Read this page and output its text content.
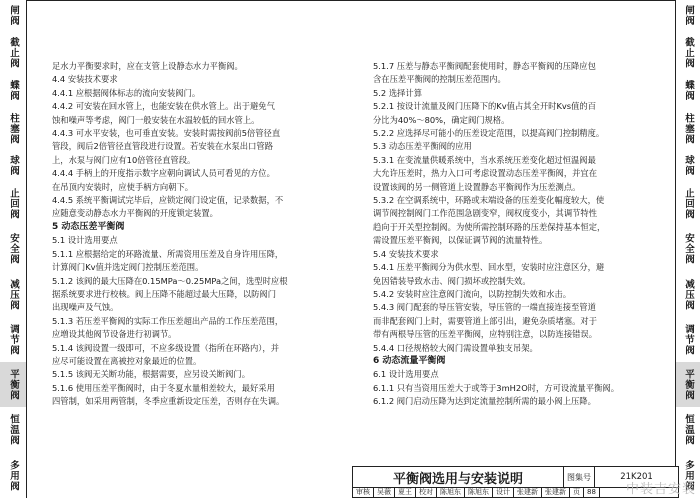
闸阀
截止阀
蝶阀
柱塞阀
球阀
止回阀
安全阀
减压阀
调节阀
平衡阀
恒温阀
多用阀
闸阀
截止阀
蝶阀
柱塞阀
球阀
止回阀
安全阀
减压阀
调节阀
平衡阀
恒温阀
多用阀
足水力平衡要求时，应在支管上设静态水力平衡阀。
4.4 安装技术要求
4.4.1 应根据阀体标志的流向安装阀门。
4.4.2 可安装在回水管上，也能安装在供水管上。出于避免气
蚀和噪声等考虑，阀门一般安装在水温较低的回水管上。
4.4.3 可水平安装，也可垂直安装。安装时需按阀前5倍管径直
管段，阀后2倍管径直管段进行设置。若安装在水泵出口管路
上，水泵与阀门应有10倍管径直管段。
4.4.4 手柄上的开度指示数字应朝向调试人员可看见的方位。
在吊顶内安装时，应使手柄方向朝下。
4.4.5 系统平衡调试完毕后，应锁定阀门设定值，记录数据，不
应随意变动静态水力平衡阀的开度锁定装置。
5 动态压差平衡阀
5.1 设计选用要点
5.1.1 应根据给定的环路流量、所需资用压差及自身许用压降，
计算阀门Kv值并选定阀门控制压差范围。
5.1.2 该阀的最大压降在0.15MPa～0.25MPa之间，选型时应根
据系统要求进行校核。阀上压降不能超过最大压降，以防阀门
出现噪声及气蚀。
5.1.3 若压差平衡阀的实际工作压差超出产品的工作压差范围，
应増设其他阀节设备进行初调节。
5.1.4 该阀设置一级即可，不应多级设置（指所在环路内），并
应尽可能设置在离被控对象最近的位置。
5.1.5 该阀无关断功能，根据需要，应另设关断阀门。
5.1.6 使用压差平衡阀时，由于冬夏水量相差较大，最好采用
四管制，如采用两管制，冬季应重新设定压差，否则存在失调。
5.1.7 压差与静态平衡阀配套使用时，静态平衡阀的压降应包
含在压差平衡阀的控制压差范围内。
5.2 选择计算
5.2.1 按设计流量及阀门压降下的Kv值占其全开时Kvs值的百
分比为40%～80%，确定阀门规格。
5.2.2 应选择尽可能小的压差设定范围，以提高阀门控制精度。
5.3 动态压差平衡阀的应用
5.3.1 在变流量供暖系统中，当水系统压差变化超过恒温阀最
大允许压差时，热力入口可考虑设置动态压差平衡阀，并宜在
设置该阀的另一侧管道上设置静态平衡阀作为压差测点。
5.3.2 在空调系统中，环路或末端设备的压差变化幅度较大，使
调节阀控制阀门工作范围急剧变窄，阀权度变小，其调节特性
趋向于开关型控制阀。为使所需控制环路的压差保持基本恒定，
需设置压差平衡阀，以保证调节阀的流量特性。
5.4 安装技术要求
5.4.1 压差平衡阀分为供水型、回水型，安装时应注意区分，避
免因错装导致水击、阀门损坏或控制失效。
5.4.2 安装时应注意阀门流向，以防控制失效和水击。
5.4.3 阀门配套的导压管安装，导压管的一端直接连接至管道
而非配套阀门上时，需要管道上部引出，避免杂质堵塞。对于
带有两根导压管的压差平衡阀，应特别注意，以防连接错误。
5.4.4 口径规格较大阀门需设置单独支吊架。
6 动态流量平衡阀
6.1 设计选用要点
6.1.1 只有当资用压差大于或等于3mH2O时，方可设流量平衡阀。
6.1.2 阀门启动压降为达到定流量控制所需的最小阀上压降。
平衡阀选用与安装说明	图集号	21K201
审核	吴薇	夏王	校对	陈旭东	陈旭东	设计	张建新	张建新	页	88	中装吉安装
